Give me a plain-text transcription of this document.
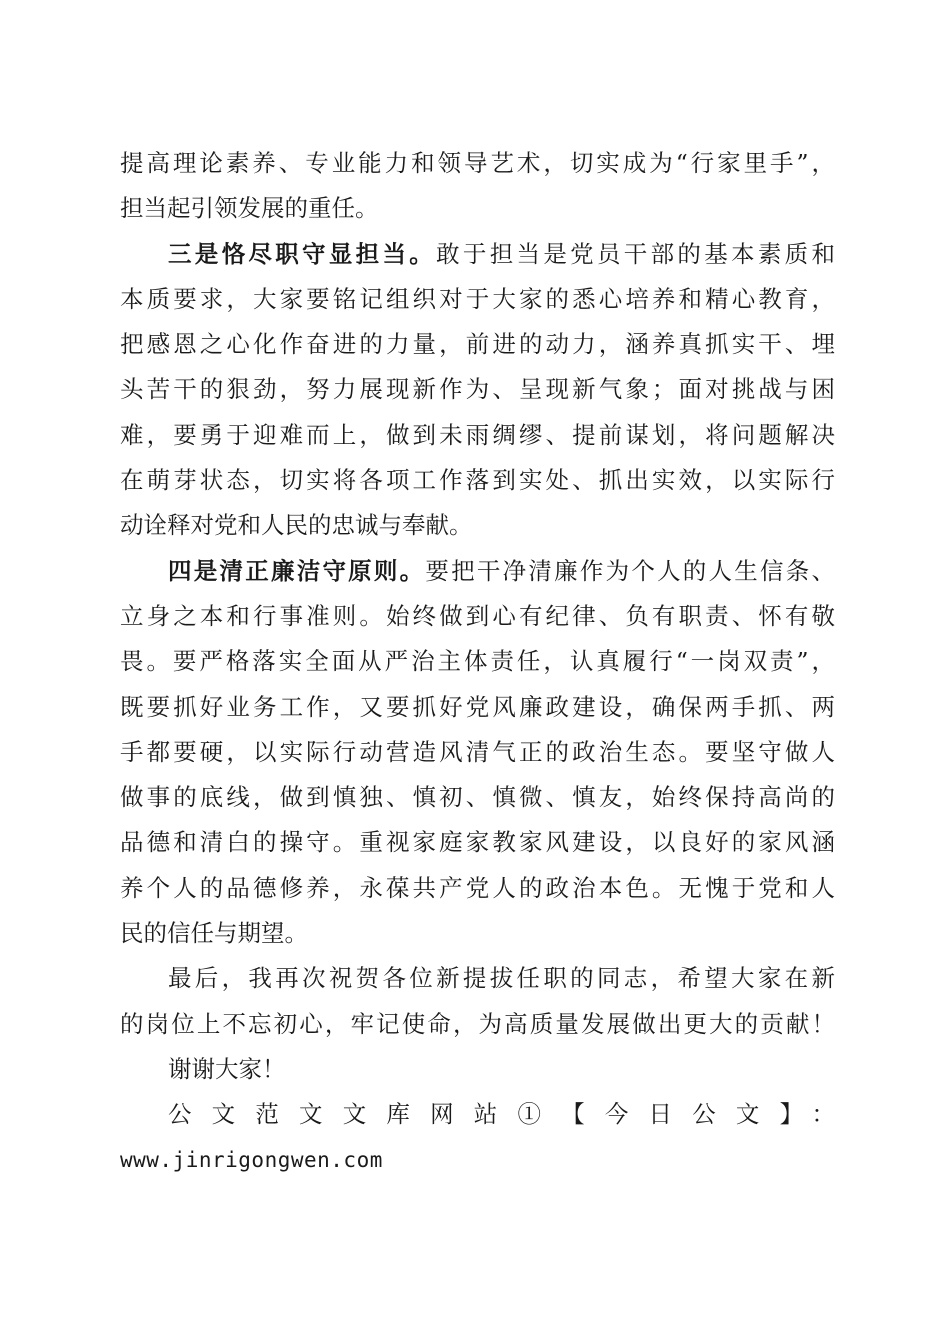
提高理论素养、专业能力和领导艺术，切实成为“行家里手”，
担当起引领发展的重任。
三是恪尽职守显担当。敢于担当是党员干部的基本素质和
本质要求，大家要铭记组织对于大家的悉心培养和精心教育，
把感恩之心化作奋进的力量，前进的动力，涵养真抓实干、埋
头苦干的狠劲，努力展现新作为、呈现新气象；面对挑战与困
难，要勇于迎难而上，做到未雨绸缪、提前谋划，将问题解决
在萌芽状态，切实将各项工作落到实处、抓出实效，以实际行
动诠释对党和人民的忠诚与奉献。
四是清正廉洁守原则。要把干净清廉作为个人的人生信条、
立身之本和行事准则。始终做到心有纪律、负有职责、怀有敬
畏。要严格落实全面从严治主体责任，认真履行“一岗双责”，
既要抓好业务工作，又要抓好党风廉政建设，确保两手抓、两
手都要硬，以实际行动营造风清气正的政治生态。要坚守做人
做事的底线，做到慎独、慎初、慎微、慎友，始终保持高尚的
品德和清白的操守。重视家庭家教家风建设，以良好的家风涵
养个人的品德修养，永葆共产党人的政治本色。无愧于党和人
民的信任与期望。
最后，我再次祝贺各位新提拔任职的同志，希望大家在新
的岗位上不忘初心，牢记使命，为高质量发展做出更大的贡献！
谢谢大家！
公文范文文库网站①【今日公文】：
www.jinrigongwen.com
